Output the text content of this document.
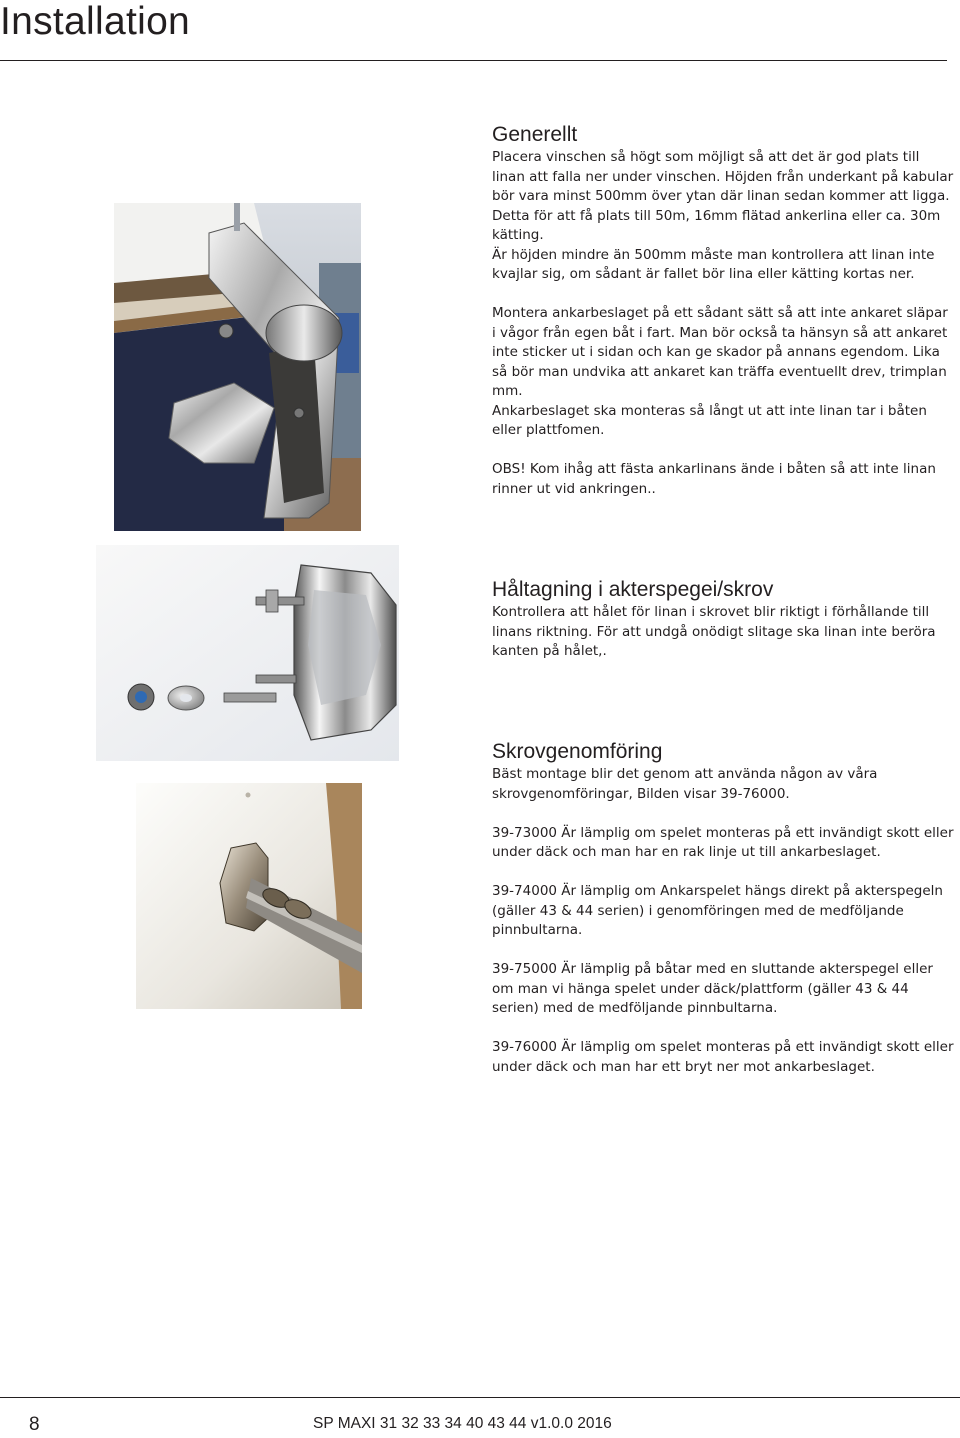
Installation
Generellt

Placera vinschen så högt som möjligt så att det är god plats till linan att falla ner under vinschen. Höjden från underkant på kabular bör vara minst 500mm över ytan där linan sedan kommer att ligga. Detta för att få plats till 50m, 16mm flätad ankerlina eller ca. 30m kätting.

Är höjden mindre än 500mm måste man kontrollera att linan inte kvajlar sig, om sådant är fallet bör lina eller kätting kortas ner.

Montera ankarbeslaget på ett sådant sätt så att inte ankaret släpar i vågor från egen båt i fart. Man bör också ta hänsyn så att ankaret inte sticker ut i sidan och kan ge skador på annans egendom. Lika så bör man undvika att ankaret kan träffa eventuellt drev, trimplan mm.

Ankarbeslaget ska monteras så långt ut att inte linan tar i båten eller plattfomen.

OBS! Kom ihåg att fästa ankarlinans ände i båten så att inte linan rinner ut vid ankringen..

Håltagning i akterspegei/skrov

Kontrollera att hålet för linan i skrovet blir riktigt i förhållande till linans riktning. För att undgå onödigt slitage ska linan inte beröra kanten på hålet,.

Skrovgenomföring

Bäst montage blir det genom att använda någon av våra skrovgenomföringar, Bilden visar 39-76000.

39-73000 Är lämplig om spelet monteras på ett invändigt skott eller under däck och man har en rak linje ut till ankarbeslaget.

39-74000 Är lämplig om Ankarspelet hängs direkt på akterspegeln (gäller 43 & 44 serien) i genomföringen med de medföljande pinnbultarna.

39-75000 Är lämplig på båtar med en sluttande akterspegel eller om man vi hänga spelet under däck/plattform (gäller 43 & 44 serien) med de medföljande pinnbultarna.

39-76000 Är lämplig om spelet monteras på ett invändigt skott eller under däck och man har ett bryt ner mot ankarbeslaget.

8	SP MAXI 31 32 33 34 40 43 44 v1.0.0 2016
